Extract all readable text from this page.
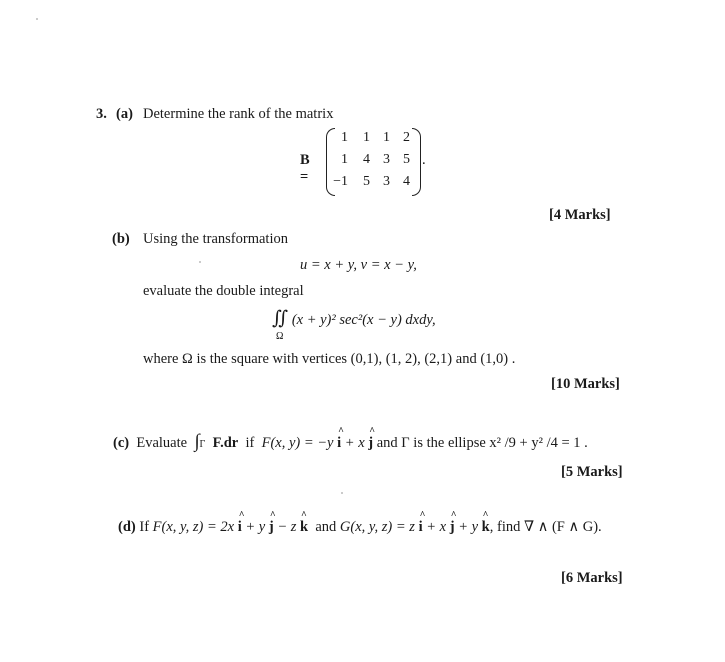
3. (a) Determine the rank of the matrix
B =
1	1 1 2
1	4 3 5
−1	5 3 4
.
[4 Marks]
(b) Using the transformation
u = x + y, v = x − y,
evaluate the double integral
∬ (x + y)² sec²(x − y) dxdy,
Ω
where Ω is the square with vertices (0,1), (1, 2), (2,1) and (1,0) .
[10 Marks]
(c) Evaluate ∫Γ F.dr if F(x, y) = −y ^ i + x ^ j and Γ is the ellipse x² /9 + y² /4 = 1 .
[5 Marks]
(d) If F(x, y, z) = 2x ^ i + y ^ j − z ^ k and G(x, y, z) = z ^ i + x ^ j + y ^ k, find ∇ ∧ (F ∧ G).
[6 Marks]
